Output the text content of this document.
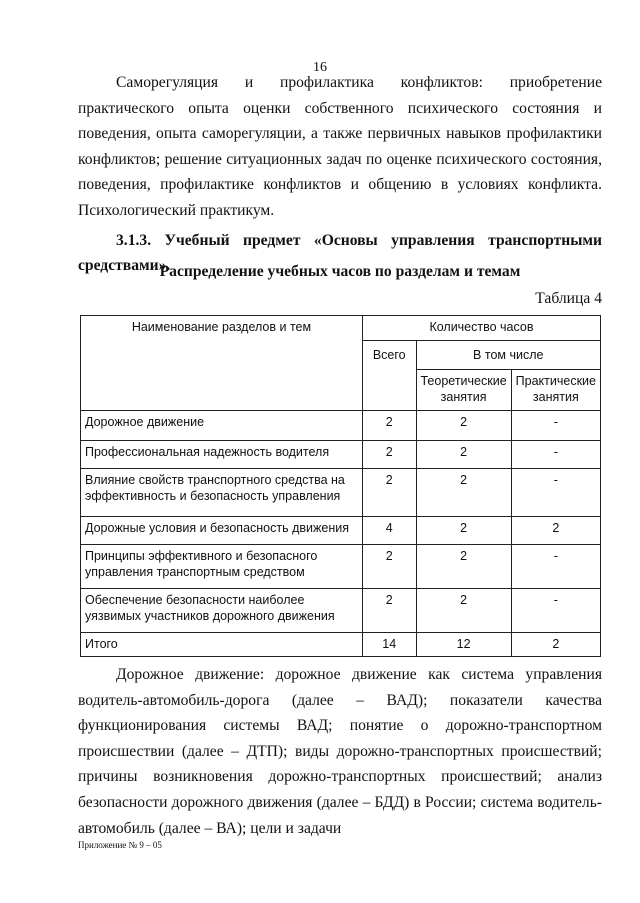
16

Саморегуляция и профилактика конфликтов: приобретение практического опыта оценки собственного психического состояния и поведения, опыта саморегуляции, а также первичных навыков профилактики конфликтов; решение ситуационных задач по оценке психического состояния, поведения, профилактике конфликтов и общению в условиях конфликта. Психологический практикум.

3.1.3. Учебный предмет «Основы управления транспортными средствами».

Распределение учебных часов по разделам и темам
Таблица 4
Наименование разделов и тем	Количество часов		
	Всего	В том числе	
		Теоретические занятия	Практические занятия
Дорожное движение	2	2	-
Профессиональная надежность водителя	2	2	-
Влияние свойств транспортного средства на эффективность и безопасность управления	2	2	-
Дорожные условия и безопасность движения	4	2	2
Принципы эффективного и безопасного управления транспортным средством	2	2	-
Обеспечение безопасности наиболее уязвимых участников дорожного движения	2	2	-
Итого	14	12	2

Дорожное движение: дорожное движение как система управления водитель-автомобиль-дорога (далее – ВАД); показатели качества функционирования системы ВАД; понятие о дорожно-транспортном происшествии (далее – ДТП); виды дорожно-транспортных происшествий; причины возникновения дорожно-транспортных происшествий; анализ безопасности дорожного движения (далее – БДД) в России; система водитель-автомобиль (далее – ВА); цели и задачи

Приложение № 9 – 05
